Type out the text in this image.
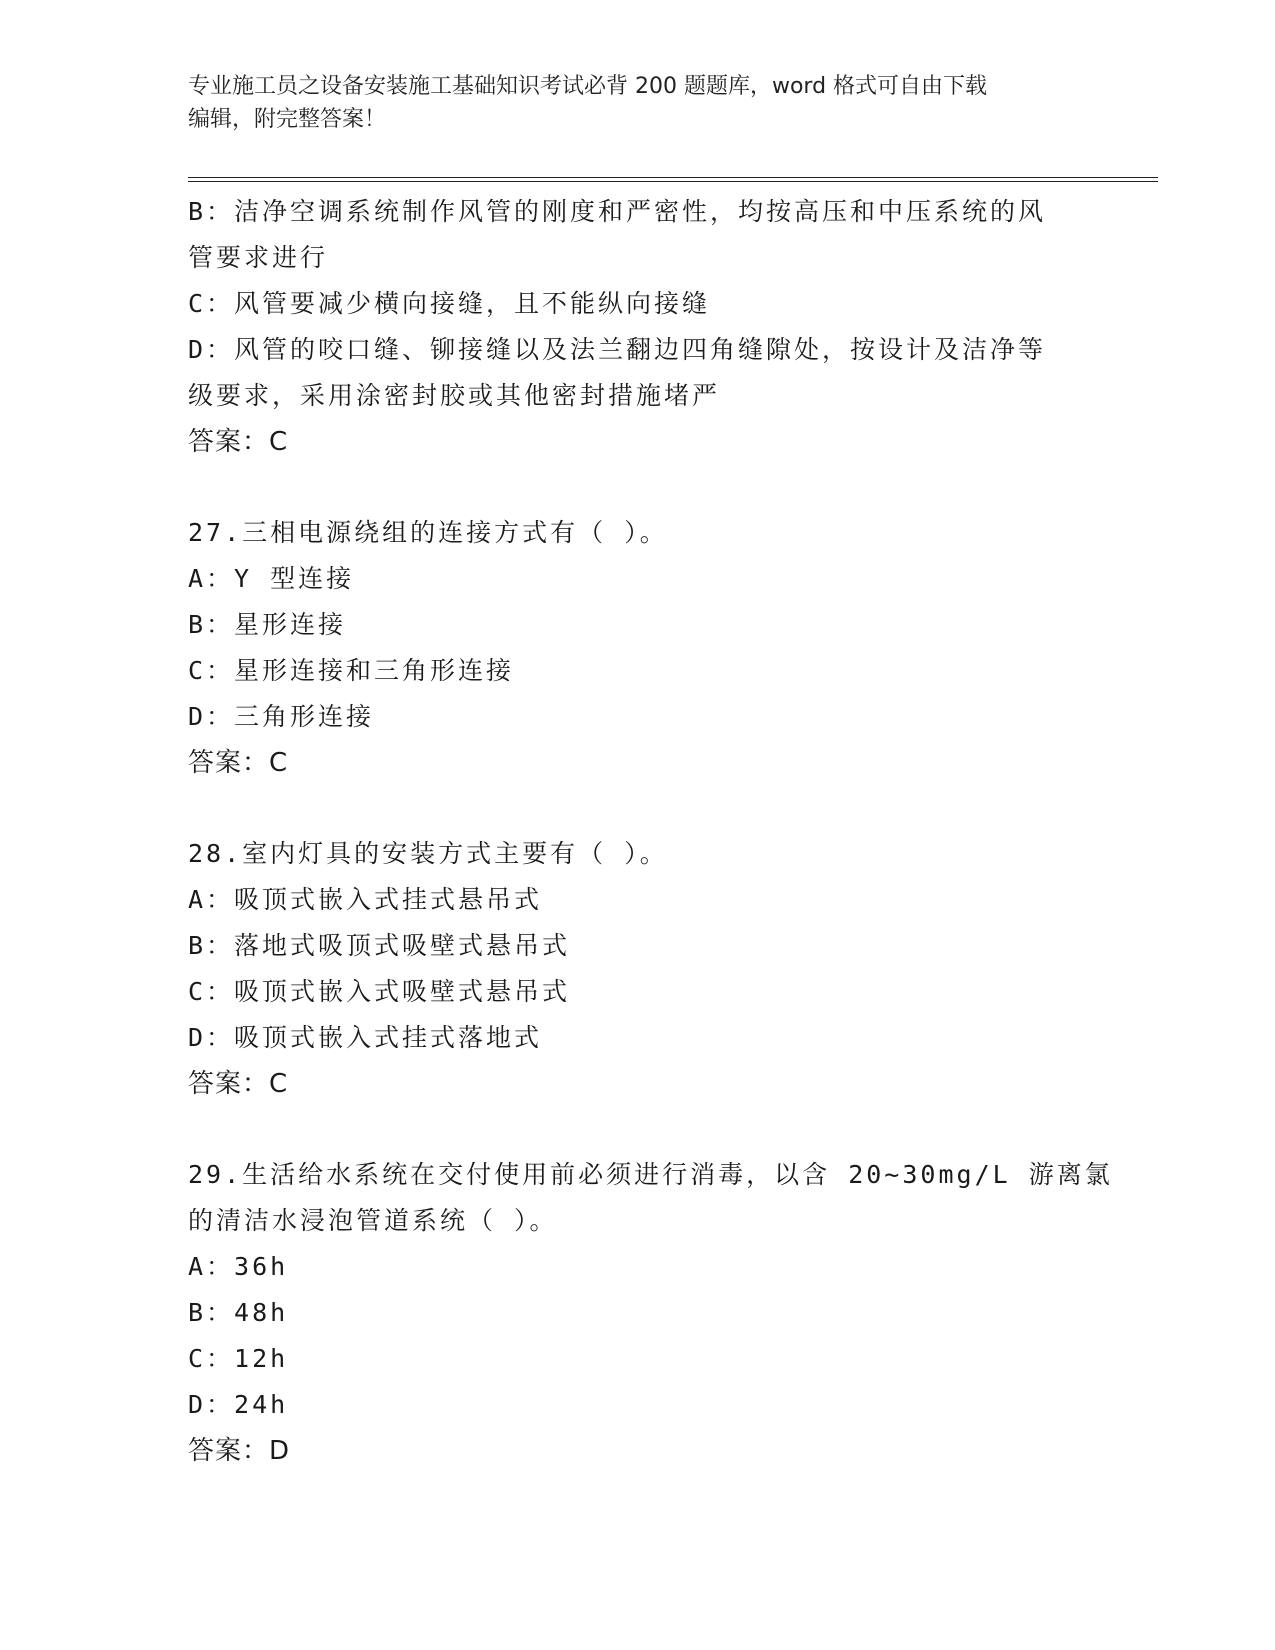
专业施工员之设备安装施工基础知识考试必背 200 题题库，word 格式可自由下载
编辑，附完整答案！
B：洁净空调系统制作风管的刚度和严密性，均按高压和中压系统的风
管要求进行
C：风管要减少横向接缝，且不能纵向接缝
D：风管的咬口缝、铆接缝以及法兰翻边四角缝隙处，按设计及洁净等
级要求，采用涂密封胶或其他密封措施堵严
答案：C
27.三相电源绕组的连接方式有（ ）。
A：Y 型连接
B：星形连接
C：星形连接和三角形连接
D：三角形连接
答案：C
28.室内灯具的安装方式主要有（ ）。
A：吸顶式嵌入式挂式悬吊式
B：落地式吸顶式吸壁式悬吊式
C：吸顶式嵌入式吸壁式悬吊式
D：吸顶式嵌入式挂式落地式
答案：C
29.生活给水系统在交付使用前必须进行消毒，以含 20~30mg/L 游离氯
的清洁水浸泡管道系统（ ）。
A：36h
B：48h
C：12h
D：24h
答案：D
